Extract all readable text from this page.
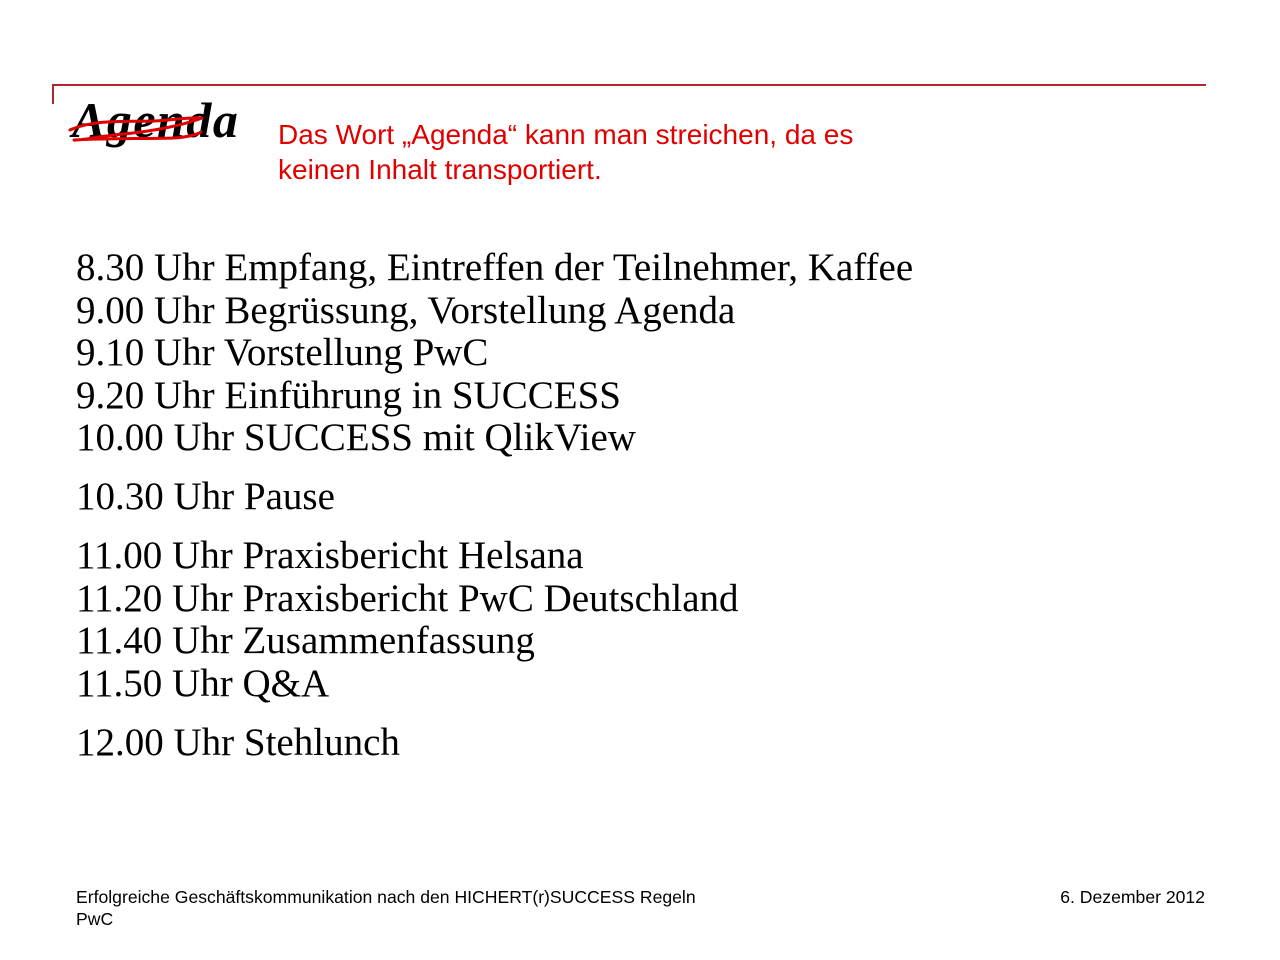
Agenda Das Wort „Agenda“ kann man streichen, da es
keinen Inhalt transportiert.
8.30 Uhr Empfang, Eintreffen der Teilnehmer, Kaffee
9.00 Uhr Begrüssung, Vorstellung Agenda
9.10 Uhr Vorstellung PwC
9.20 Uhr Einführung in SUCCESS
10.00 Uhr SUCCESS mit QlikView
10.30 Uhr Pause
11.00 Uhr Praxisbericht Helsana
11.20 Uhr Praxisbericht PwC Deutschland
11.40 Uhr Zusammenfassung
11.50 Uhr Q&A
12.00 Uhr Stehlunch
Erfolgreiche Geschäftskommunikation nach den HICHERT(r)SUCCESS Regeln
PwC
6. Dezember 2012
